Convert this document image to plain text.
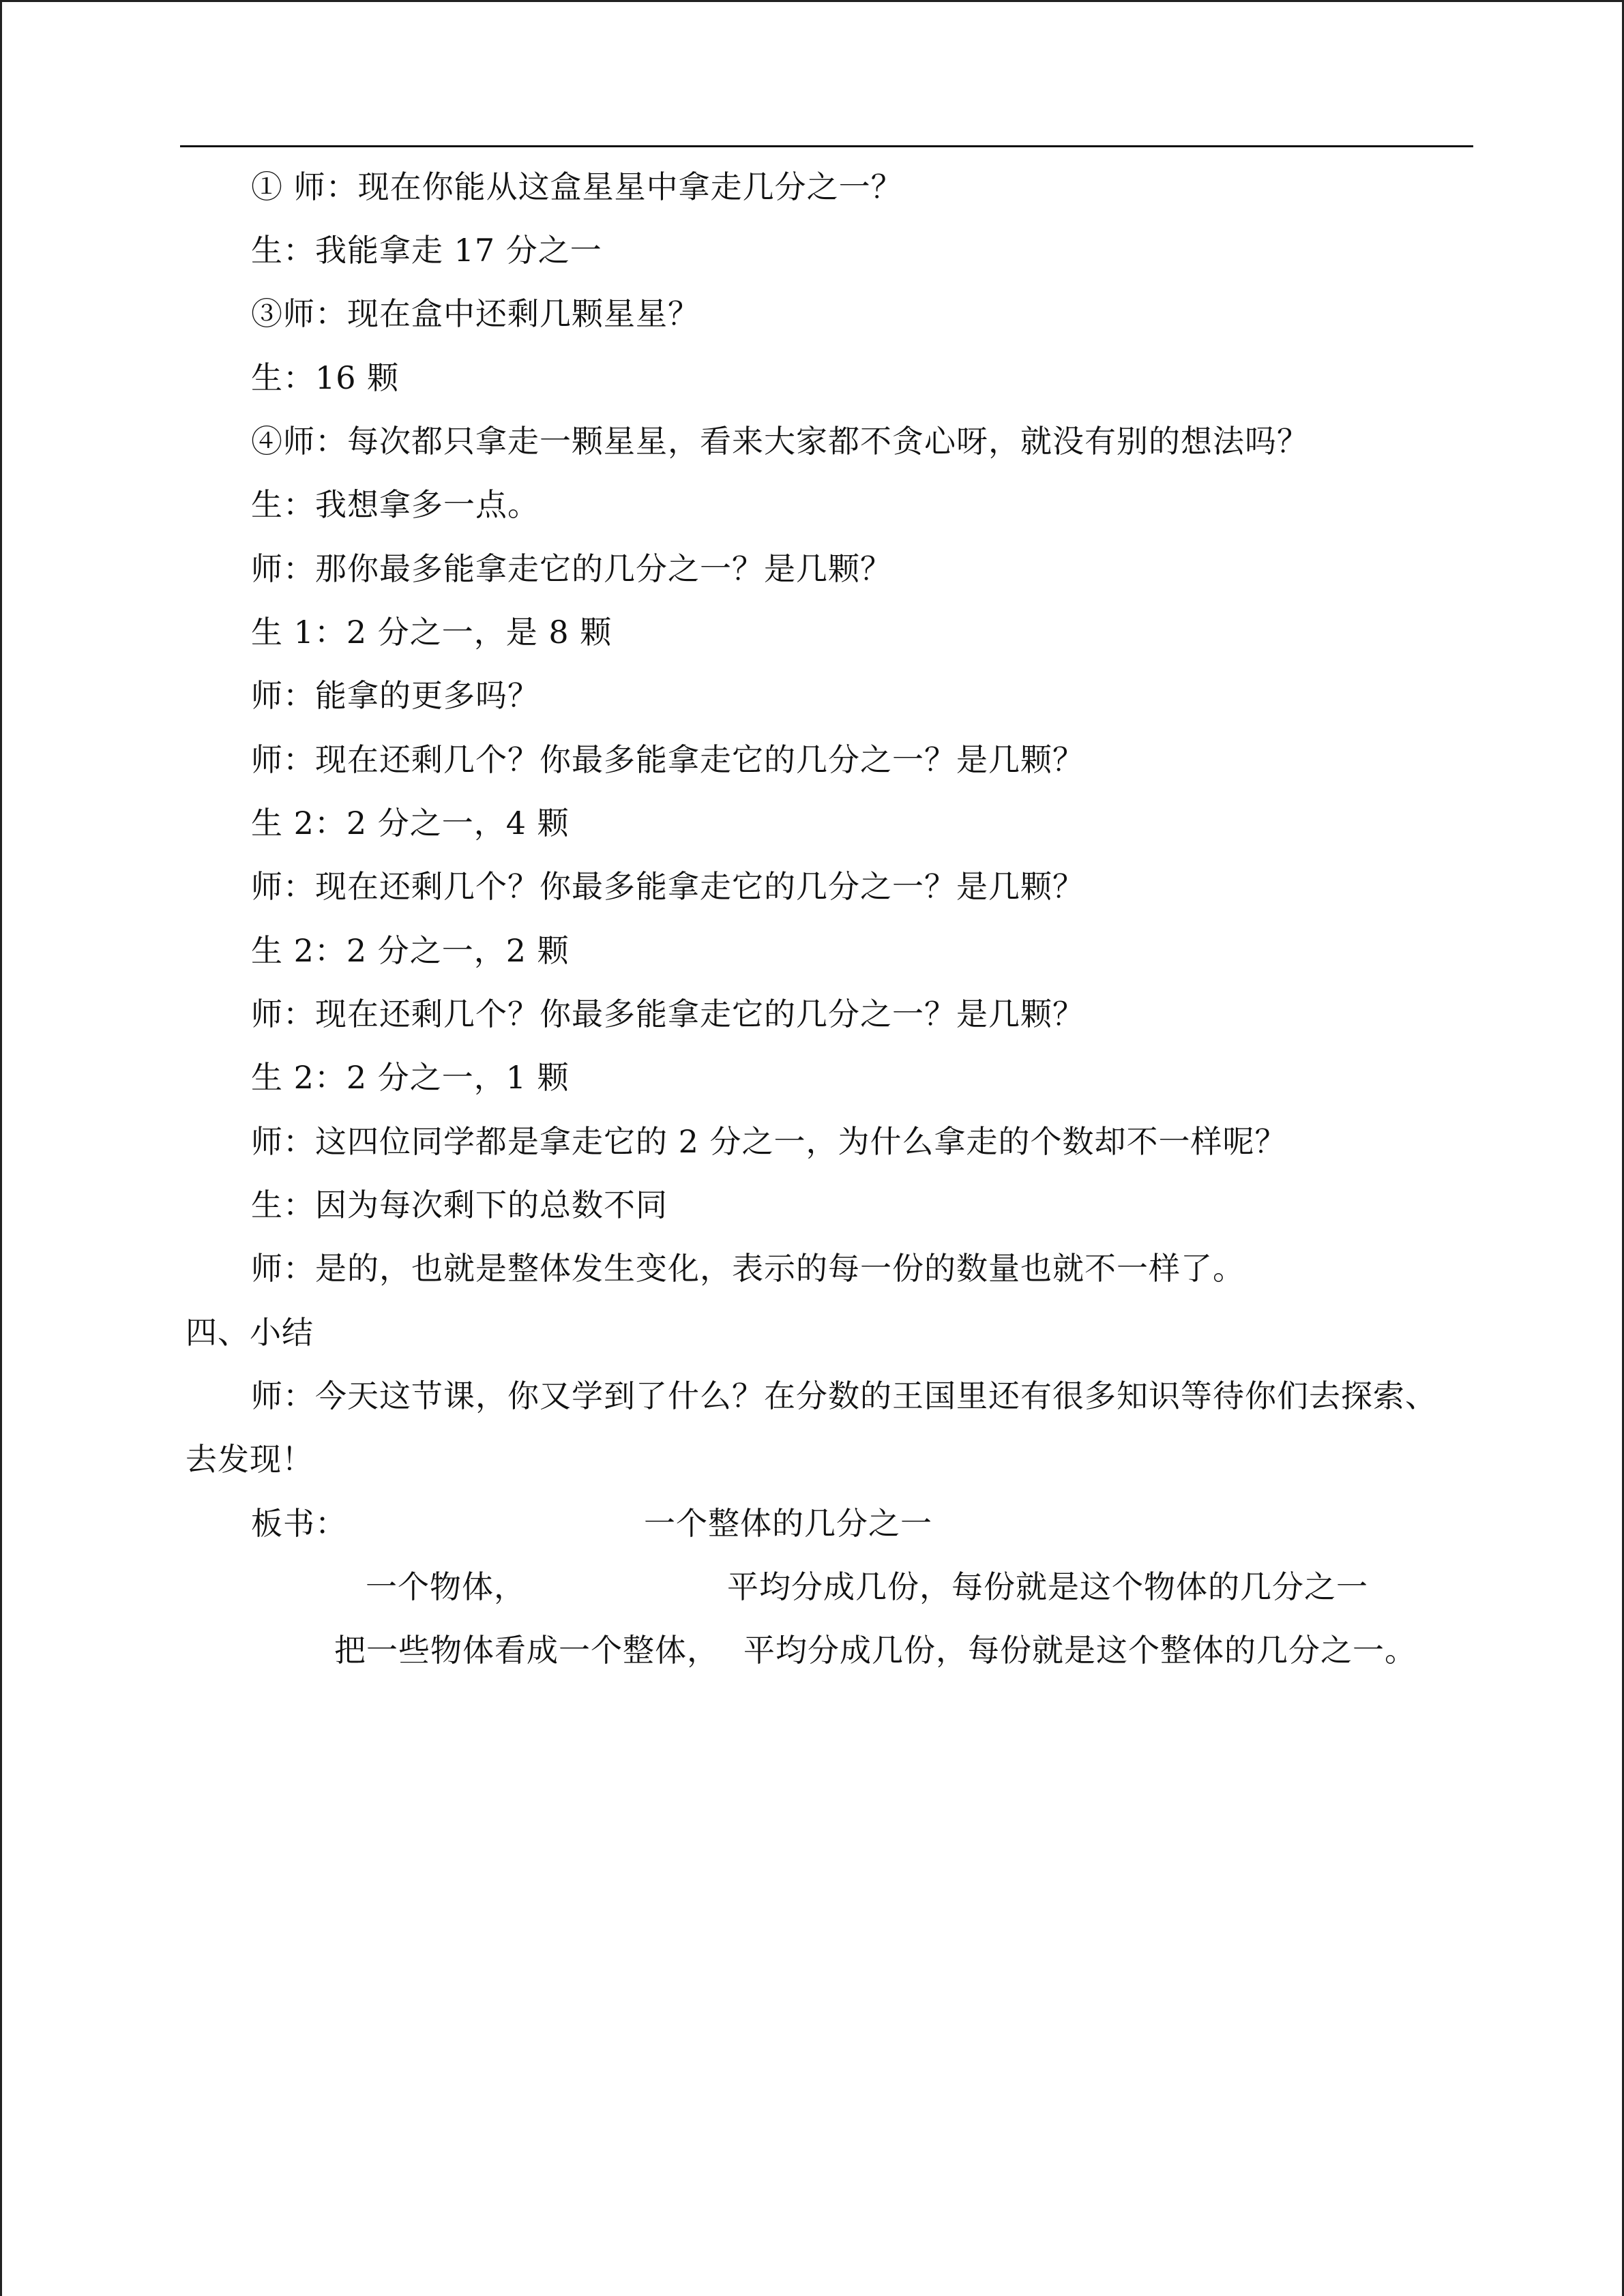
① 师：现在你能从这盒星星中拿走几分之一？
生：我能拿走 17 分之一
③师：现在盒中还剩几颗星星？
生：16 颗
④师：每次都只拿走一颗星星，看来大家都不贪心呀，就没有别的想法吗？
生：我想拿多一点。
师：那你最多能拿走它的几分之一？是几颗？
生 1：2 分之一，是 8 颗
师：能拿的更多吗？
师：现在还剩几个？你最多能拿走它的几分之一？是几颗？
生 2：2 分之一，4 颗
师：现在还剩几个？你最多能拿走它的几分之一？是几颗？
生 2：2 分之一，2 颗
师：现在还剩几个？你最多能拿走它的几分之一？是几颗？
生 2：2 分之一，1 颗
师：这四位同学都是拿走它的 2 分之一，为什么拿走的个数却不一样呢？
生：因为每次剩下的总数不同
师：是的，也就是整体发生变化，表示的每一份的数量也就不一样了。
四、小结
师：今天这节课，你又学到了什么？在分数的王国里还有很多知识等待你们去探索、
去发现！
板书：	一个整体的几分之一
一个物体，	平均分成几份，每份就是这个物体的几分之一
把一些物体看成一个整体， 平均分成几份，每份就是这个整体的几分之一。
